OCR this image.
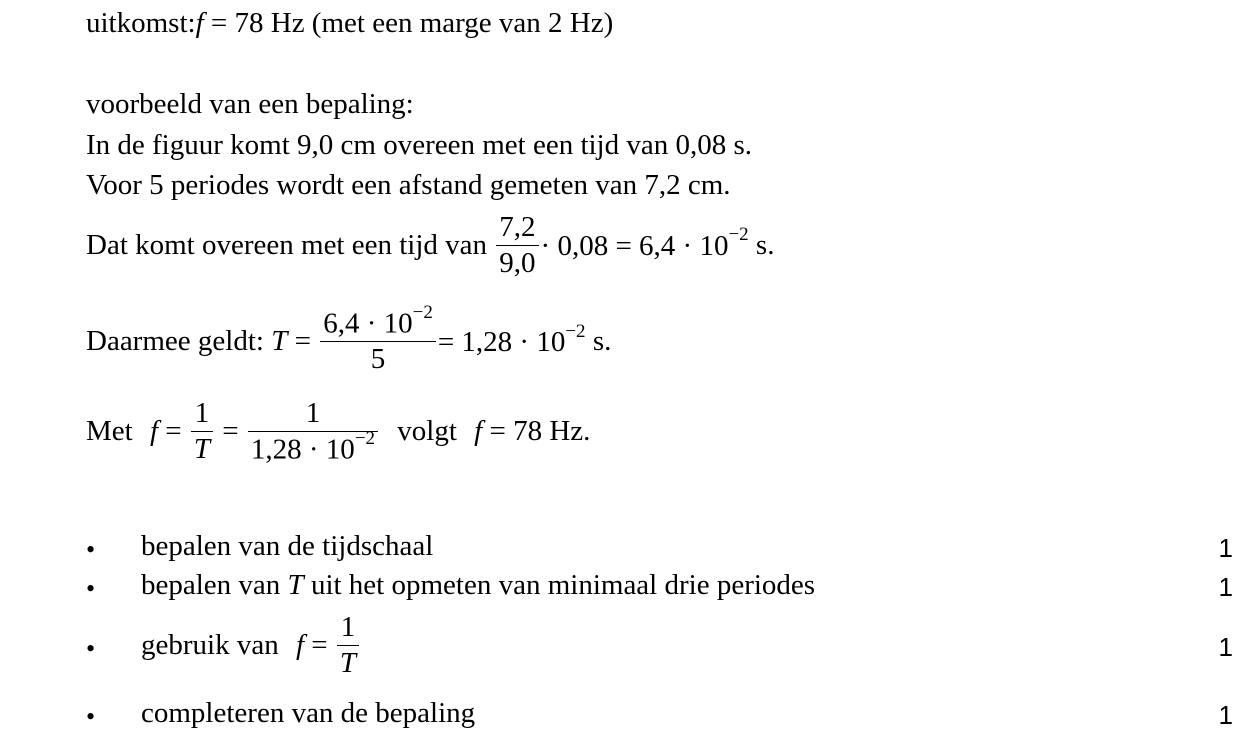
uitkomst:f = 78 Hz (met een marge van 2 Hz)
voorbeeld van een bepaling:
In de figuur komt 9,0 cm overeen met een tijd van 0,08 s.
Voor 5 periodes wordt een afstand gemeten van 7,2 cm.
Dat komt overeen met een tijd van $\frac{7,2}{9,0} \cdot 0,08 = 6,4 \cdot 10^{-2}$ s.
Daarmee geldt: $T = \frac{6,4 \cdot 10^{-2}}{5} = 1,28 \cdot 10^{-2}$ s.
Met $f = \frac{1}{T} = \frac{1}{1,28 \cdot 10^{-2}}$ volgt f = 78 Hz.
• bepalen van de tijdschaal	1
• bepalen van T uit het opmeten van minimaal drie periodes	1
• gebruik van $f = \frac{1}{T}$	1
• completeren van de bepaling	1
